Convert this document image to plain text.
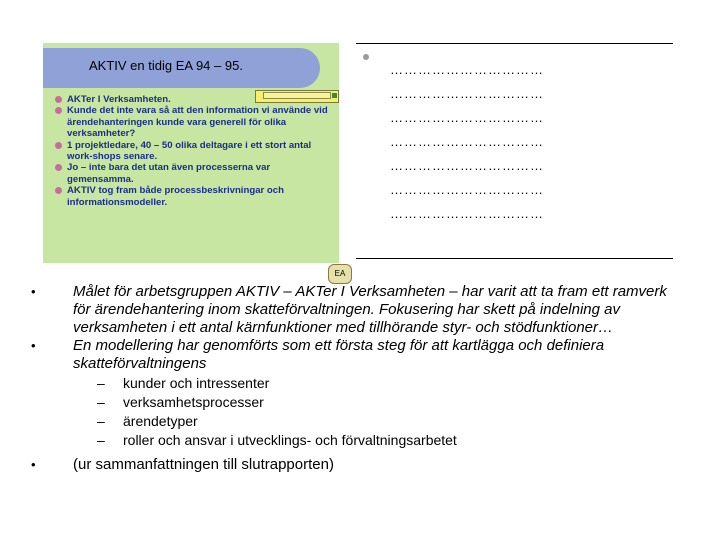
AKTIV en tidig EA 94 – 95.
AKTer I Verksamheten.
Kunde det inte vara så att den information vi använde vid ärendehanteringen kunde vara generell för olika verksamheter?
1 projektledare, 40 – 50 olika deltagare i ett stort antal work-shops senare.
Jo – inte bara det utan även processerna var gemensamma.
AKTIV tog fram både processbeskrivningar och informationsmodeller.
EA
……………………………
……………………………
……………………………
……………………………
……………………………
……………………………
……………………………
• Målet för arbetsgruppen AKTIV – AKTer I Verksamheten – har varit att ta fram ett ramverk för ärendehantering inom skatteförvaltningen. Fokusering har skett på indelning av verksamheten i ett antal kärnfunktioner med tillhörande styr- och stödfunktioner…
• En modellering har genomförts som ett första steg för att kartlägga och definiera skatteförvaltningens
– kunder och intressenter
– verksamhetsprocesser
– ärendetyper
– roller och ansvar i utvecklings- och förvaltningsarbetet
• (ur sammanfattningen till slutrapporten)
